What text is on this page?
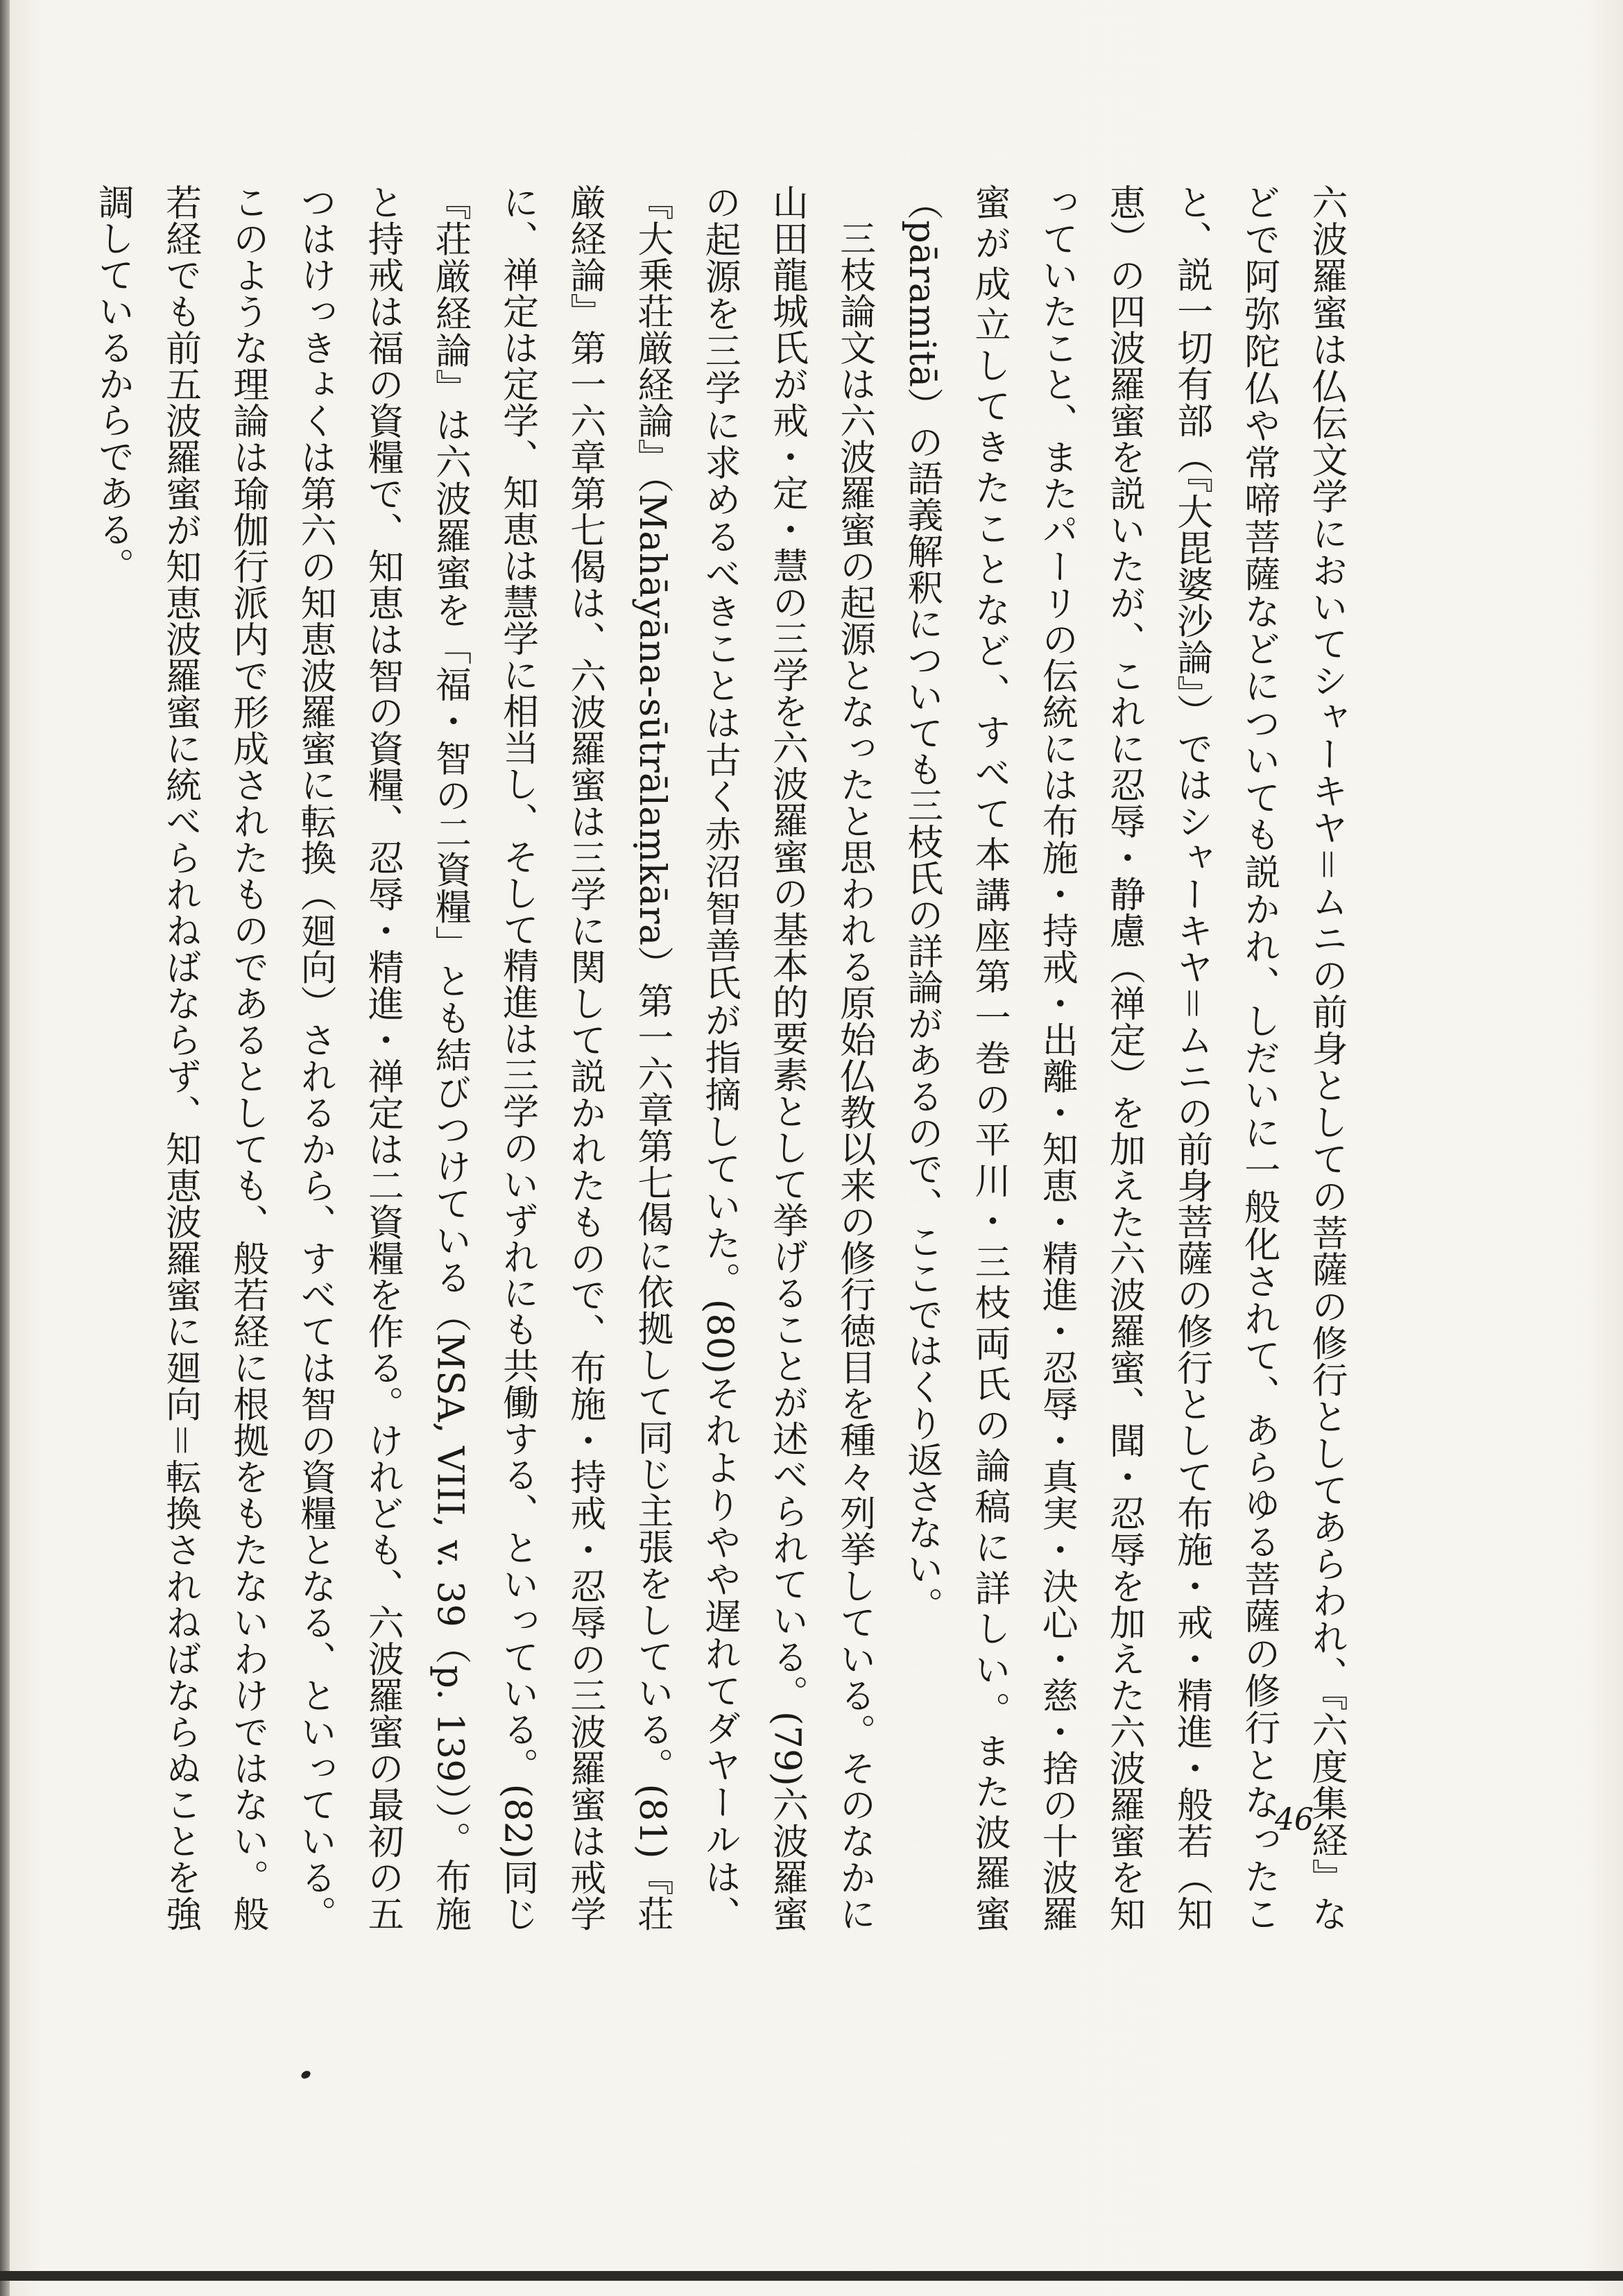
六波羅蜜は仏伝文学においてシャーキヤ＝ムニの前身としての菩薩の修行としてあらわれ、『六度集経』などで阿弥陀仏や常啼菩薩などについても説かれ、しだいに一般化されて、あらゆる菩薩の修行となったこと、説一切有部（『大毘婆沙論』）ではシャーキヤ＝ムニの前身菩薩の修行として布施・戒・精進・般若（知恵）の四波羅蜜を説いたが、これに忍辱・静慮（禅定）を加えた六波羅蜜、聞・忍辱を加えた六波羅蜜を知っていたこと、またパーリの伝統には布施・持戒・出離・知恵・精進・忍辱・真実・決心・慈・捨の十波羅蜜が成立してきたことなど、すべて本講座第一巻の平川・三枝両氏の論稿に詳しい。また波羅蜜（pāramitā）の語義解釈についても三枝氏の詳論があるので、ここではくり返さない。

三枝論文は六波羅蜜の起源となったと思われる原始仏教以来の修行徳目を種々列挙している。そのなかに山田龍城氏が戒・定・慧の三学を六波羅蜜の基本的要素として挙げることが述べられている。(79)六波羅蜜の起源を三学に求めるべきことは古く赤沼智善氏が指摘していた。(80)それよりやや遅れてダヤールは、『大乗荘厳経論』（Mahāyāna-sūtrālaṃkāra）第一六章第七偈に依拠して同じ主張をしている。(81)『荘厳経論』第一六章第七偈は、六波羅蜜は三学に関して説かれたもので、布施・持戒・忍辱の三波羅蜜は戒学に、禅定は定学、知恵は慧学に相当し、そして精進は三学のいずれにも共働する、といっている。(82)同じ『荘厳経論』は六波羅蜜を「福・智の二資糧」とも結びつけている（MSA, VIII, v. 39（p. 139））。布施と持戒は福の資糧で、知恵は智の資糧、忍辱・精進・禅定は二資糧を作る。けれども、六波羅蜜の最初の五つはけっきょくは第六の知恵波羅蜜に転換（廻向）されるから、すべては智の資糧となる、といっている。このような理論は瑜伽行派内で形成されたものであるとしても、般若経に根拠をもたないわけではない。般若経でも前五波羅蜜が知恵波羅蜜に統べられねばならず、知恵波羅蜜に廻向＝転換されねばならぬことを強調しているからである。

46
